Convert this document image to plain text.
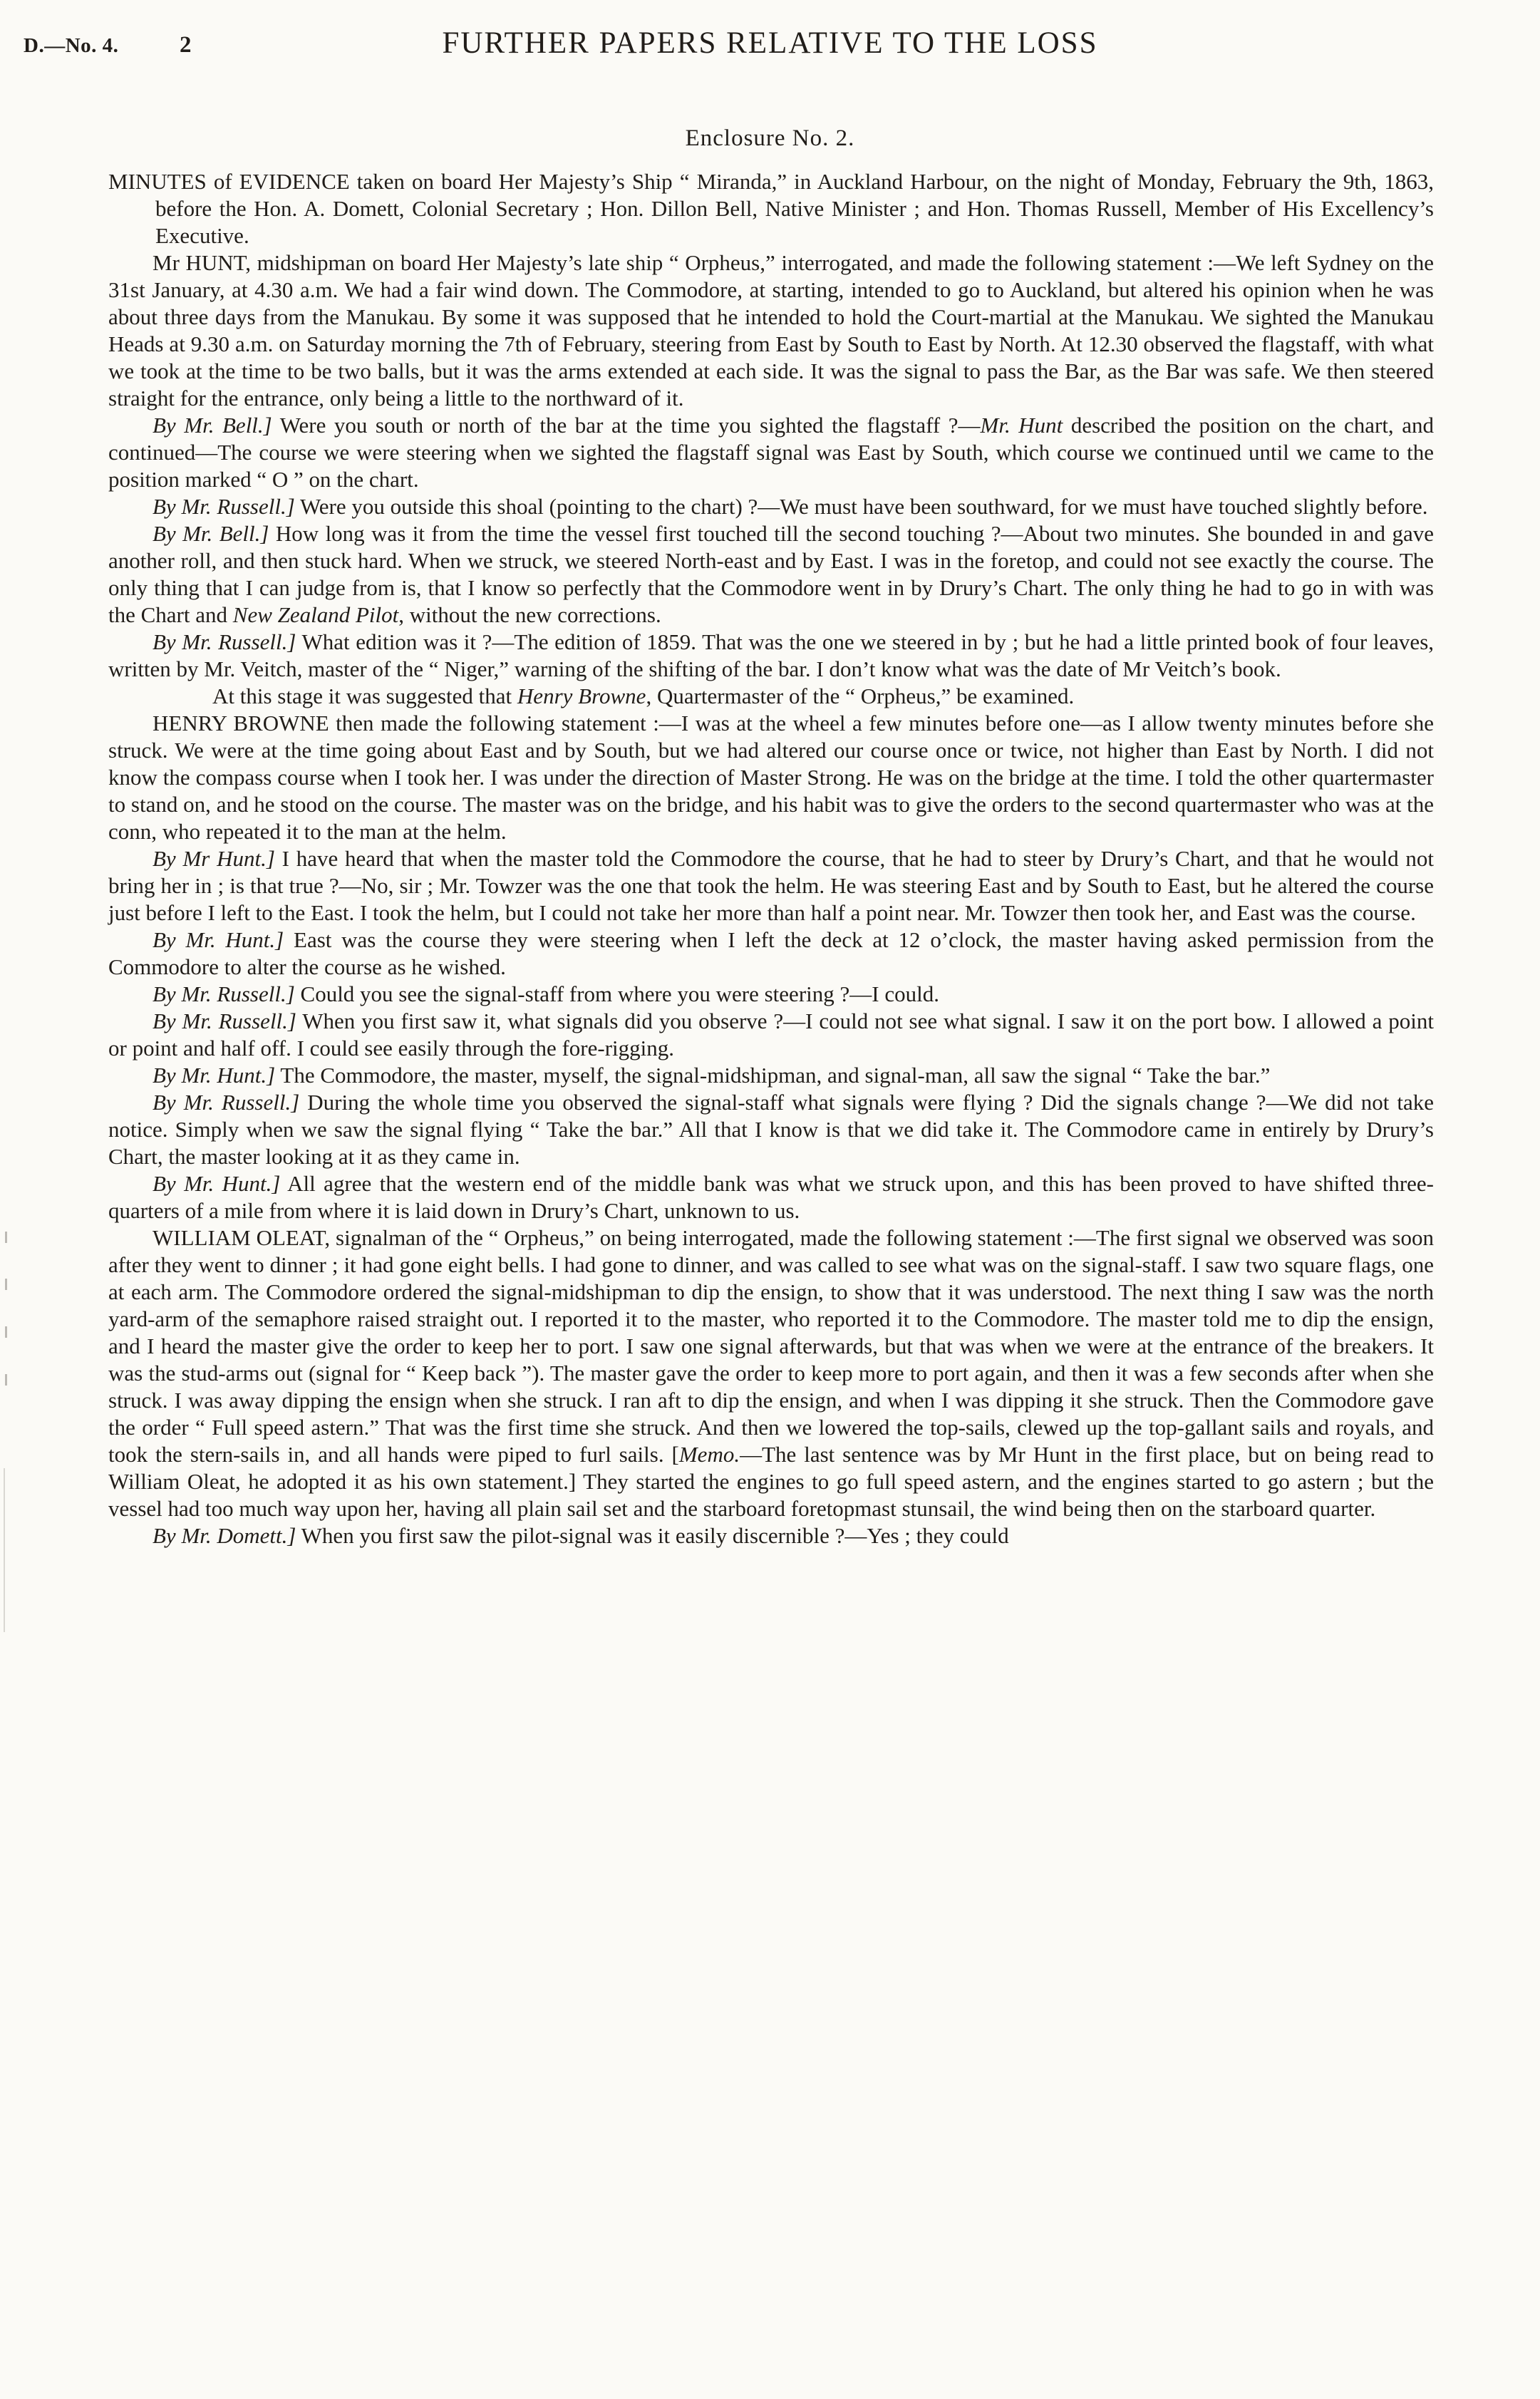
D.—No. 4.	2	FURTHER PAPERS RELATIVE TO THE LOSS
Enclosure No. 2.

MINUTES of EVIDENCE taken on board Her Majesty’s Ship “ Miranda,” in Auckland Harbour, on the night of Monday, February the 9th, 1863, before the Hon. A. Domett, Colonial Secretary ; Hon. Dillon Bell, Native Minister ; and Hon. Thomas Russell, Member of His Excellency’s Executive.

Mr HUNT, midshipman on board Her Majesty’s late ship “ Orpheus,” interrogated, and made the following statement :—We left Sydney on the 31st January, at 4.30 a.m. We had a fair wind down. The Commodore, at starting, intended to go to Auckland, but altered his opinion when he was about three days from the Manukau. By some it was supposed that he intended to hold the Court-martial at the Manukau. We sighted the Manukau Heads at 9.30 a.m. on Saturday morning the 7th of February, steering from East by South to East by North. At 12.30 observed the flagstaff, with what we took at the time to be two balls, but it was the arms extended at each side. It was the signal to pass the Bar, as the Bar was safe. We then steered straight for the entrance, only being a little to the northward of it.

By Mr. Bell.] Were you south or north of the bar at the time you sighted the flagstaff ?—Mr. Hunt described the position on the chart, and continued—The course we were steering when we sighted the flagstaff signal was East by South, which course we continued until we came to the position marked “ O ” on the chart.

By Mr. Russell.] Were you outside this shoal (pointing to the chart) ?—We must have been southward, for we must have touched slightly before.

By Mr. Bell.] How long was it from the time the vessel first touched till the second touching ?—About two minutes. She bounded in and gave another roll, and then stuck hard. When we struck, we steered North-east and by East. I was in the foretop, and could not see exactly the course. The only thing that I can judge from is, that I know so perfectly that the Commodore went in by Drury’s Chart. The only thing he had to go in with was the Chart and New Zealand Pilot, without the new corrections.

By Mr. Russell.] What edition was it ?—The edition of 1859. That was the one we steered in by ; but he had a little printed book of four leaves, written by Mr. Veitch, master of the “ Niger,” warning of the shifting of the bar. I don’t know what was the date of Mr Veitch’s book.

At this stage it was suggested that Henry Browne, Quartermaster of the “ Orpheus,” be examined.

HENRY BROWNE then made the following statement :—I was at the wheel a few minutes before one—as I allow twenty minutes before she struck. We were at the time going about East and by South, but we had altered our course once or twice, not higher than East by North. I did not know the compass course when I took her. I was under the direction of Master Strong. He was on the bridge at the time. I told the other quartermaster to stand on, and he stood on the course. The master was on the bridge, and his habit was to give the orders to the second quartermaster who was at the conn, who repeated it to the man at the helm.

By Mr Hunt.] I have heard that when the master told the Commodore the course, that he had to steer by Drury’s Chart, and that he would not bring her in ; is that true ?—No, sir ; Mr. Towzer was the one that took the helm. He was steering East and by South to East, but he altered the course just before I left to the East. I took the helm, but I could not take her more than half a point near. Mr. Towzer then took her, and East was the course.

By Mr. Hunt.] East was the course they were steering when I left the deck at 12 o’clock, the master having asked permission from the Commodore to alter the course as he wished.

By Mr. Russell.] Could you see the signal-staff from where you were steering ?—I could.

By Mr. Russell.] When you first saw it, what signals did you observe ?—I could not see what signal. I saw it on the port bow. I allowed a point or point and half off. I could see easily through the fore-rigging.

By Mr. Hunt.] The Commodore, the master, myself, the signal-midshipman, and signal-man, all saw the signal “ Take the bar.”

By Mr. Russell.] During the whole time you observed the signal-staff what signals were flying ? Did the signals change ?—We did not take notice. Simply when we saw the signal flying “ Take the bar.” All that I know is that we did take it. The Commodore came in entirely by Drury’s Chart, the master looking at it as they came in.

By Mr. Hunt.] All agree that the western end of the middle bank was what we struck upon, and this has been proved to have shifted three-quarters of a mile from where it is laid down in Drury’s Chart, unknown to us.

WILLIAM OLEAT, signalman of the “ Orpheus,” on being interrogated, made the following statement :—The first signal we observed was soon after they went to dinner ; it had gone eight bells. I had gone to dinner, and was called to see what was on the signal-staff. I saw two square flags, one at each arm. The Commodore ordered the signal-midshipman to dip the ensign, to show that it was understood. The next thing I saw was the north yard-arm of the semaphore raised straight out. I reported it to the master, who reported it to the Commodore. The master told me to dip the ensign, and I heard the master give the order to keep her to port. I saw one signal afterwards, but that was when we were at the entrance of the breakers. It was the stud-arms out (signal for “ Keep back ”). The master gave the order to keep more to port again, and then it was a few seconds after when she struck. I was away dipping the ensign when she struck. I ran aft to dip the ensign, and when I was dipping it she struck. Then the Commodore gave the order “ Full speed astern.” That was the first time she struck. And then we lowered the top-sails, clewed up the top-gallant sails and royals, and took the stern-sails in, and all hands were piped to furl sails. [Memo.—The last sentence was by Mr Hunt in the first place, but on being read to William Oleat, he adopted it as his own statement.] They started the engines to go full speed astern, and the engines started to go astern ; but the vessel had too much way upon her, having all plain sail set and the starboard foretopmast stunsail, the wind being then on the starboard quarter.

By Mr. Domett.] When you first saw the pilot-signal was it easily discernible ?—Yes ; they could
